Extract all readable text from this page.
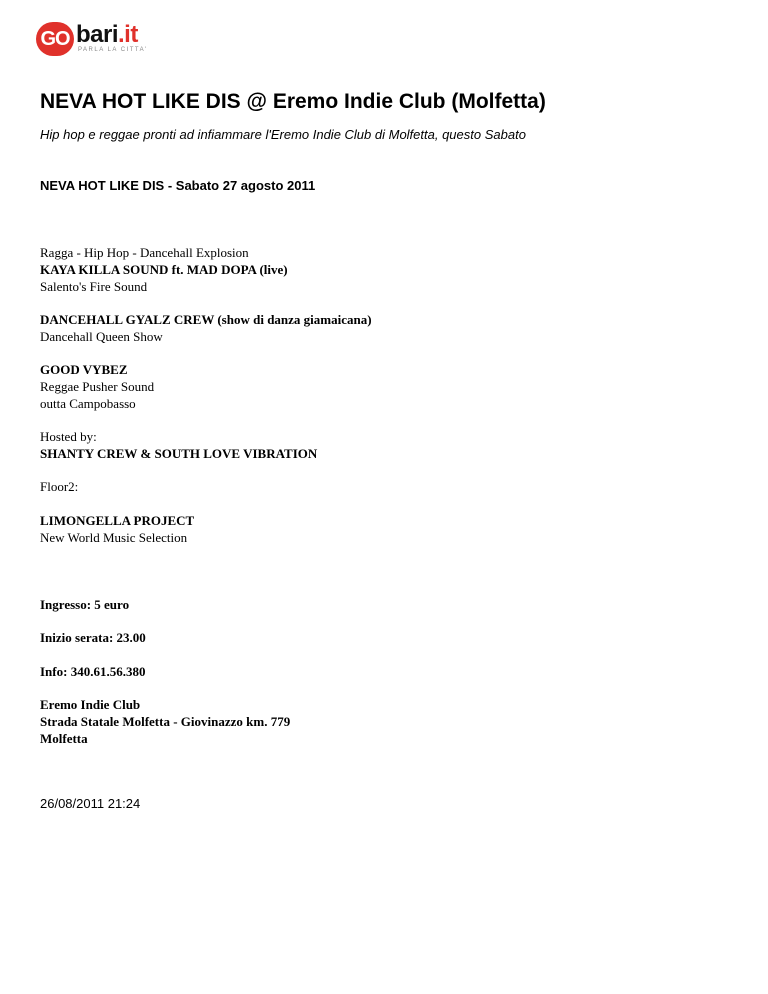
GO bari.it
PARLA LA CITTA'
NEVA HOT LIKE DIS @ Eremo Indie Club (Molfetta)
Hip hop e reggae pronti ad infiammare l'Eremo Indie Club di Molfetta, questo Sabato
NEVA HOT LIKE DIS - Sabato 27 agosto 2011
Ragga - Hip Hop - Dancehall Explosion
KAYA KILLA SOUND ft. MAD DOPA (live)
Salento's Fire Sound
DANCEHALL GYALZ CREW (show di danza giamaicana)
Dancehall Queen Show
GOOD VYBEZ
Reggae Pusher Sound
outta Campobasso
Hosted by:
SHANTY CREW & SOUTH LOVE VIBRATION
Floor2:
LIMONGELLA PROJECT
New World Music Selection
Ingresso: 5 euro
Inizio serata: 23.00
Info: 340.61.56.380
Eremo Indie Club
Strada Statale Molfetta - Giovinazzo km. 779
Molfetta
26/08/2011 21:24
